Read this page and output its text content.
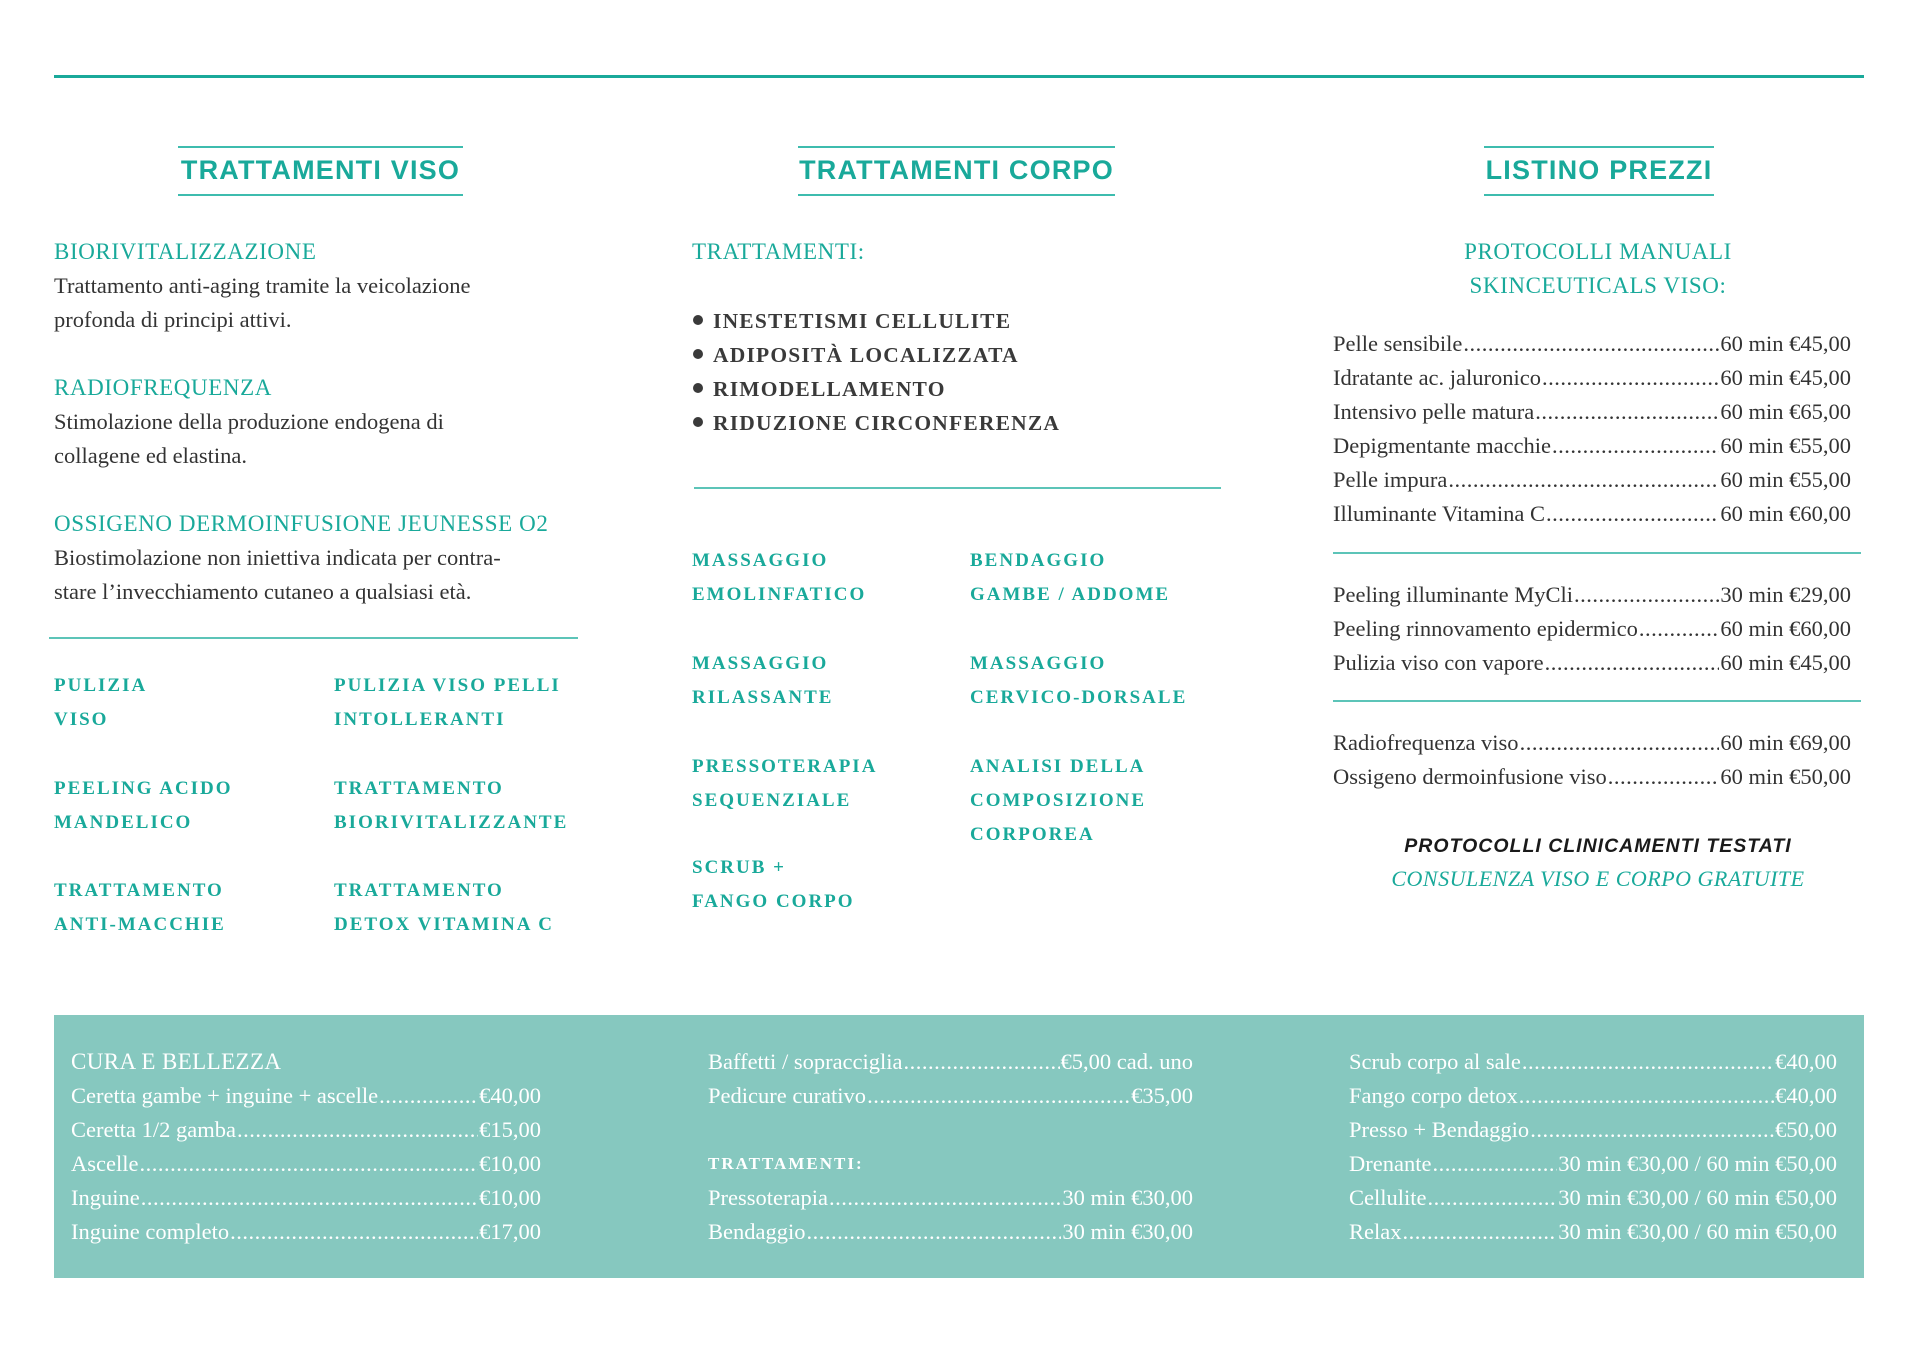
TRATTAMENTI VISO
BIORIVITALIZZAZIONE
Trattamento anti-aging tramite la veicolazione
profonda di principi attivi.
RADIOFREQUENZA
Stimolazione della produzione endogena di
collagene ed elastina.
OSSIGENO DERMOINFUSIONE JEUNESSE O2
Biostimolazione non iniettiva indicata per contra-
stare l’invecchiamento cutaneo a qualsiasi età.
PULIZIA
VISO
PULIZIA VISO PELLI
INTOLLERANTI
PEELING ACIDO
MANDELICO
TRATTAMENTO
BIORIVITALIZZANTE
TRATTAMENTO
ANTI-MACCHIE
TRATTAMENTO
DETOX VITAMINA C
TRATTAMENTI CORPO
TRATTAMENTI:
INESTETISMI CELLULITE
ADIPOSITÀ LOCALIZZATA
RIMODELLAMENTO
RIDUZIONE CIRCONFERENZA
MASSAGGIO
EMOLINFATICO
BENDAGGIO
GAMBE / ADDOME
MASSAGGIO
RILASSANTE
MASSAGGIO
CERVICO-DORSALE
PRESSOTERAPIA
SEQUENZIALE
ANALISI DELLA
COMPOSIZIONE
CORPOREA
SCRUB +
FANGO CORPO
LISTINO PREZZI
PROTOCOLLI MANUALI
SKINCEUTICALS VISO:
Pelle sensibile .....	60 min €45,00
Idratante ac. jaluronico .....	60 min €45,00
Intensivo pelle matura .....	60 min €65,00
Depigmentante macchie .....	60 min €55,00
Pelle impura .....	60 min €55,00
Illuminante Vitamina C .....	60 min €60,00
Peeling illuminante MyCli .....	30 min €29,00
Peeling rinnovamento epidermico .....	60 min €60,00
Pulizia viso con vapore .....	60 min €45,00
Radiofrequenza viso .....	60 min €69,00
Ossigeno dermoinfusione viso .....	60 min €50,00
PROTOCOLLI CLINICAMENTI TESTATI
CONSULENZA VISO E CORPO GRATUITE
CURA E BELLEZZA
Ceretta gambe + inguine + ascelle .....	€40,00
Ceretta 1/2 gamba .....	€15,00
Ascelle .....	€10,00
Inguine .....	€10,00
Inguine completo .....	€17,00
Baffetti / sopracciglia .....	€5,00 cad. uno
Pedicure curativo .....	€35,00
TRATTAMENTI:
Pressoterapia .....	30 min €30,00
Bendaggio .....	30 min €30,00
Scrub corpo al sale .....	€40,00
Fango corpo detox .....	€40,00
Presso + Bendaggio .....	€50,00
Drenante .....	30 min €30,00 / 60 min €50,00
Cellulite .....	30 min €30,00 / 60 min €50,00
Relax .....	30 min €30,00 / 60 min €50,00
